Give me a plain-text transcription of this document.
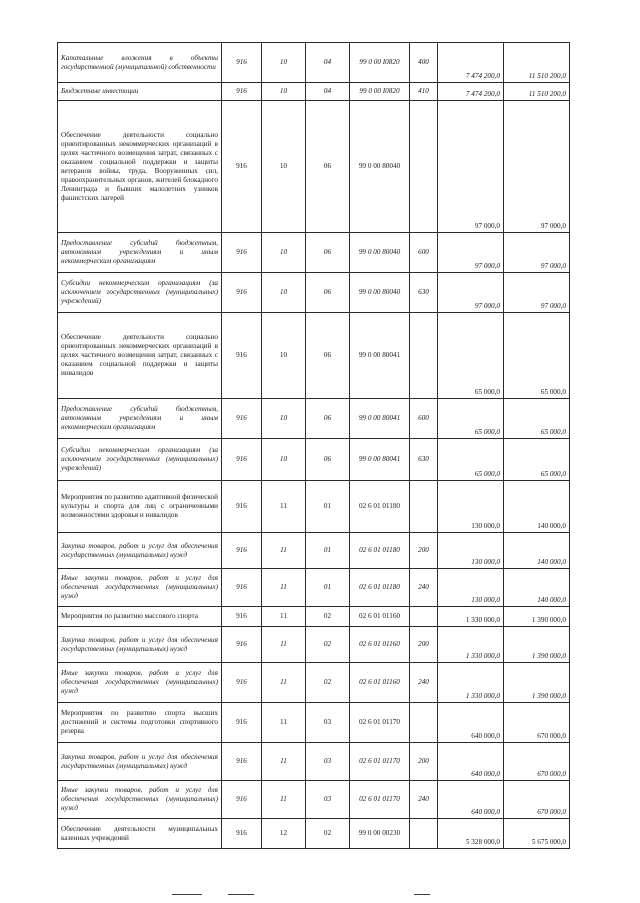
Капитальные вложения в объекты государственной (муниципальной) собственности	916	10	04	99 0 00 I0820	400	7 474 200,0	11 510 200,0
Бюджетные инвестиции	916	10	04	99 0 00 I0820	410	7 474 200,0	11 510 200,0
Обеспечение деятельности социально ориентированных некоммерческих организаций в целях частичного возмещения затрат, связанных с оказанием социальной поддержки и защиты ветеранов войны, труда, Вооруженных сил, правоохранительных органов, жителей блокадного Ленинграда и бывших малолетних узников фашистских лагерей	916	10	06	99 0 00 80040		97 000,0	97 000,0
Предоставление субсидий бюджетным, автономным учреждениям и иным некоммерческим организациям	916	10	06	99 0 00 80040	600	97 000,0	97 000,0
Субсидии некоммерческим организациям (за исключением государственных (муниципальных) учреждений)	916	10	06	99 0 00 80040	630	97 000,0	97 000,0
Обеспечение деятельности социально ориентированных некоммерческих организаций в целях частичного возмещения затрат, связанных с оказанием социальной поддержки и защиты инвалидов	916	10	06	99 0 00 80041		65 000,0	65 000,0
Предоставление субсидий бюджетным, автономным учреждениям и иным некоммерческим организациям	916	10	06	99 0 00 80041	600	65 000,0	65 000,0
Субсидии некоммерческим организациям (за исключением государственных (муниципальных) учреждений)	916	10	06	99 0 00 80041	630	65 000,0	65 000,0
Мероприятия по развитию адаптивной физической культуры и спорта для лиц с ограниченными возможностями здоровья и инвалидов	916	11	01	02 6 01 01180		130 000,0	140 000,0
Закупка товаров, работ и услуг для обеспечения государственных (муниципальных) нужд	916	11	01	02 6 01 01180	200	130 000,0	140 000,0
Иные закупки товаров, работ и услуг для обеспечения государственных (муниципальных) нужд	916	11	01	02 6 01 01180	240	130 000,0	140 000,0
Мероприятия по развитию массового спорта	916	11	02	02 6 01 01160		1 330 000,0	1 390 000,0
Закупка товаров, работ и услуг для обеспечения государственных (муниципальных) нужд	916	11	02	02 6 01 01160	200	1 330 000,0	1 390 000,0
Иные закупки товаров, работ и услуг для обеспечения государственных (муниципальных) нужд	916	11	02	02 6 01 01160	240	1 330 000,0	1 390 000,0
Мероприятия по развитию спорта высших достижений и системы подготовки спортивного резерва	916	11	03	02 6 01 01170		640 000,0	670 000,0
Закупка товаров, работ и услуг для обеспечения государственных (муниципальных) нужд	916	11	03	02 6 01 01170	200	640 000,0	670 000,0
Иные закупки товаров, работ и услуг для обеспечения государственных (муниципальных) нужд	916	11	03	02 6 01 01170	240	640 000,0	670 000,0
Обеспечение деятельности муниципальных казенных учреждений	916	12	02	99 0 00 00230		5 328 000,0	5 675 000,0
